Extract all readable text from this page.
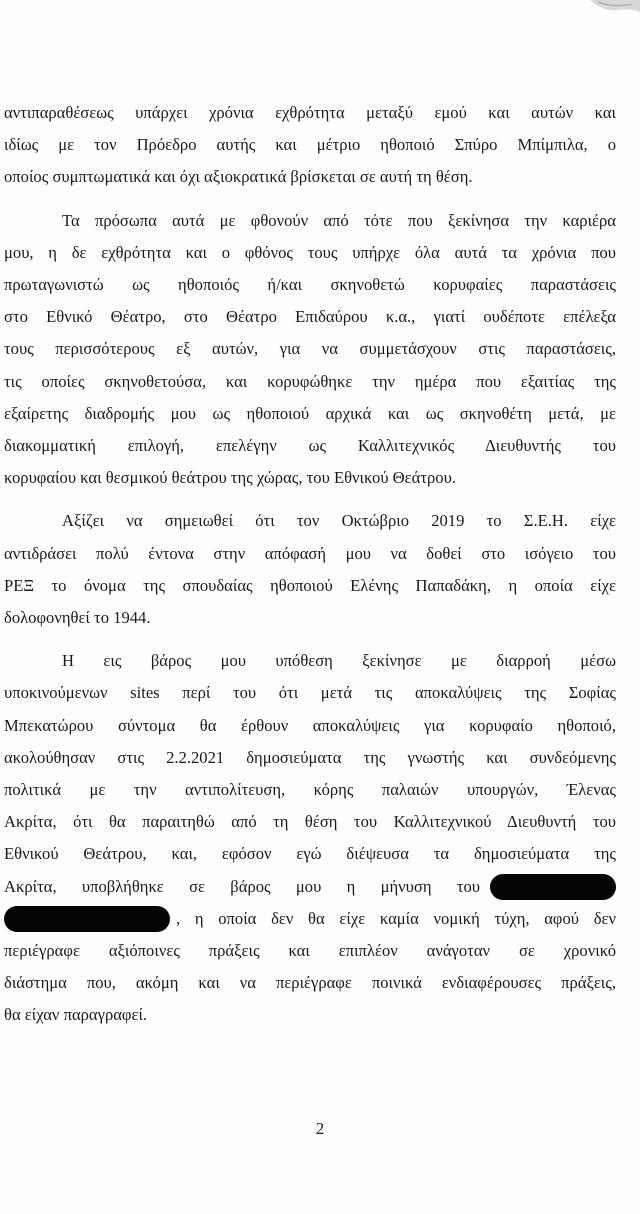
αντιπαραθέσεως υπάρχει χρόνια εχθρότητα μεταξύ εμού και αυτών και
ιδίως με τον Πρόεδρο αυτής και μέτριο ηθοποιό Σπύρο Μπίμπιλα, ο
οποίος συμπτωματικά και όχι αξιοκρατικά βρίσκεται σε αυτή τη θέση.

Τα πρόσωπα αυτά με φθονούν από τότε που ξεκίνησα την καριέρα
μου, η δε εχθρότητα και ο φθόνος τους υπήρχε όλα αυτά τα χρόνια που
πρωταγωνιστώ ως ηθοποιός ή/και σκηνοθετώ κορυφαίες παραστάσεις
στο Εθνικό Θέατρο, στο Θέατρο Επιδαύρου κ.α., γιατί ουδέποτε επέλεξα
τους περισσότερους εξ αυτών, για να συμμετάσχουν στις παραστάσεις,
τις οποίες σκηνοθετούσα, και κορυφώθηκε την ημέρα που εξαιτίας της
εξαίρετης διαδρομής μου ως ηθοποιού αρχικά και ως σκηνοθέτη μετά, με
διακομματική επιλογή, επελέγην ως Καλλιτεχνικός Διευθυντής του
κορυφαίου και θεσμικού θεάτρου της χώρας, του Εθνικού Θεάτρου.

Αξίζει να σημειωθεί ότι τον Οκτώβριο 2019 το Σ.Ε.Η. είχε
αντιδράσει πολύ έντονα στην απόφασή μου να δοθεί στο ισόγειο του
ΡΕΞ το όνομα της σπουδαίας ηθοποιού Ελένης Παπαδάκη, η οποία είχε
δολοφονηθεί το 1944.

Η εις βάρος μου υπόθεση ξεκίνησε με διαρροή μέσω
υποκινούμενων sites περί του ότι μετά τις αποκαλύψεις της Σοφίας
Μπεκατώρου σύντομα θα έρθουν αποκαλύψεις για κορυφαίο ηθοποιό,
ακολούθησαν στις 2.2.2021 δημοσιεύματα της γνωστής και συνδεόμενης
πολιτικά με την αντιπολίτευση, κόρης παλαιών υπουργών, Έλενας
Ακρίτα, ότι θα παραιτηθώ από τη θέση του Καλλιτεχνικού Διευθυντή του
Εθνικού Θεάτρου, και, εφόσον εγώ διέψευσα τα δημοσιεύματα της
Ακρίτα, υποβλήθηκε σε βάρος μου η μήνυση του
, η οποία δεν θα είχε καμία νομική τύχη, αφού δεν
περιέγραφε αξιόποινες πράξεις και επιπλέον ανάγοταν σε χρονικό
διάστημα που, ακόμη και να περιέγραφε ποινικά ενδιαφέρουσες πράξεις,
θα είχαν παραγραφεί.

2
